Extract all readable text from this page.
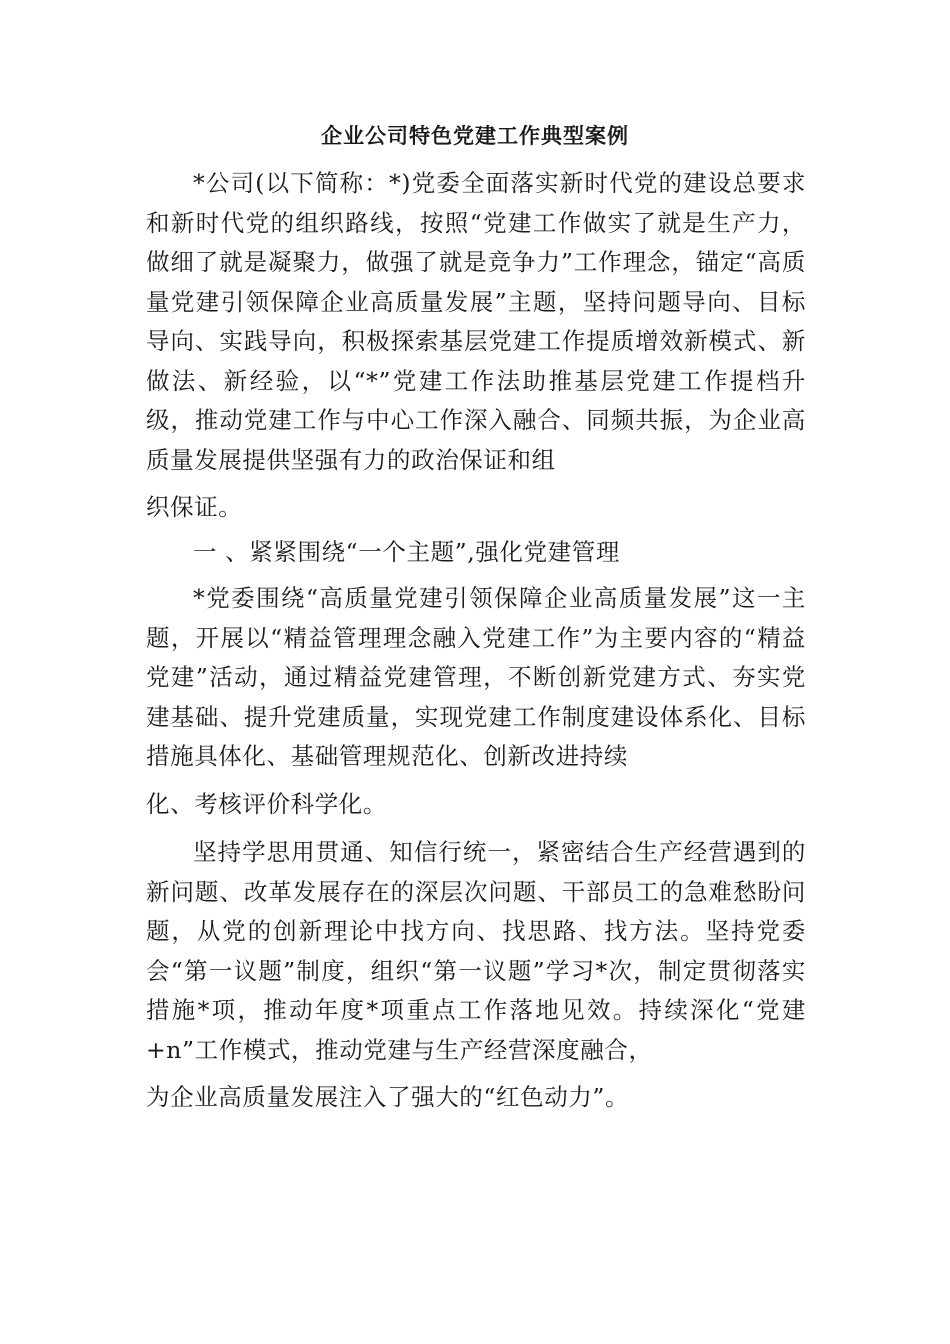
企业公司特色党建工作典型案例

*公司(以下简称：*)党委全面落实新时代党的建设总要求和新时代党的组织路线，按照“党建工作做实了就是生产力，做细了就是凝聚力，做强了就是竞争力”工作理念，锚定“高质量党建引领保障企业高质量发展”主题，坚持问题导向、目标导向、实践导向，积极探索基层党建工作提质增效新模式、新做法、新经验，以“*”党建工作法助推基层党建工作提档升级，推动党建工作与中心工作深入融合、同频共振，为企业高质量发展提供坚强有力的政治保证和组
织保证。

一 、紧紧围绕“一个主题”,强化党建管理

*党委围绕“高质量党建引领保障企业高质量发展”这一主题，开展以“精益管理理念融入党建工作”为主要内容的“精益党建”活动，通过精益党建管理，不断创新党建方式、夯实党建基础、提升党建质量，实现党建工作制度建设体系化、目标措施具体化、基础管理规范化、创新改进持续
化、考核评价科学化。

坚持学思用贯通、知信行统一，紧密结合生产经营遇到的新问题、改革发展存在的深层次问题、干部员工的急难愁盼问题，从党的创新理论中找方向、找思路、找方法。坚持党委会“第一议题”制度，组织“第一议题”学习*次，制定贯彻落实措施*项，推动年度*项重点工作落地见效。持续深化“党建+n”工作模式，推动党建与生产经营深度融合，
为企业高质量发展注入了强大的“红色动力”。
